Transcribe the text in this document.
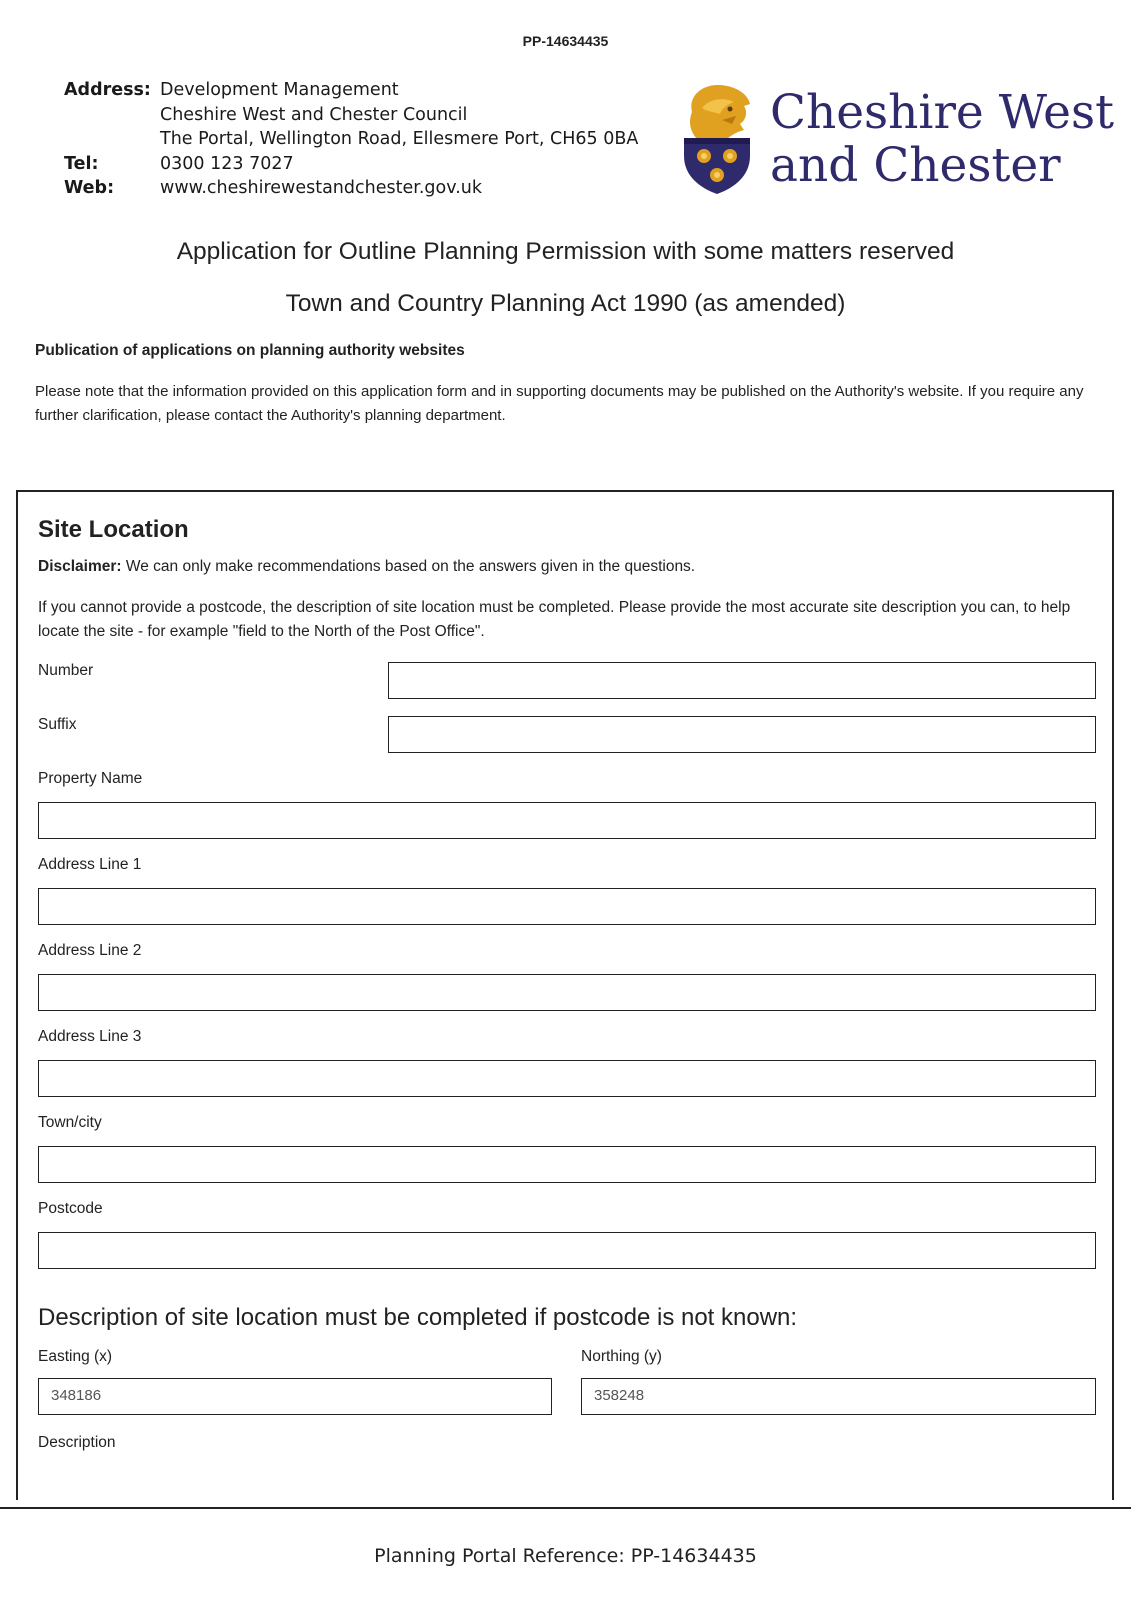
PP-14634435
Address: Development Management
Cheshire West and Chester Council
The Portal, Wellington Road, Ellesmere Port, CH65 0BA
Tel:	0300 123 7027
Web:	www.cheshirewestandchester.gov.uk
Cheshire West
and Chester
Application for Outline Planning Permission with some matters reserved
Town and Country Planning Act 1990 (as amended)
Publication of applications on planning authority websites
Please note that the information provided on this application form and in supporting documents may be published on the Authority's website. If you require any further clarification, please contact the Authority's planning department.
Site Location
Disclaimer: We can only make recommendations based on the answers given in the questions.
If you cannot provide a postcode, the description of site location must be completed. Please provide the most accurate site description you can, to help locate the site - for example "field to the North of the Post Office".
Number
Suffix
Property Name
Address Line 1
Address Line 2
Address Line 3
Town/city
Postcode
Description of site location must be completed if postcode is not known:
Easting (x)
348186
Northing (y)
358248
Description
Planning Portal Reference: PP-14634435
